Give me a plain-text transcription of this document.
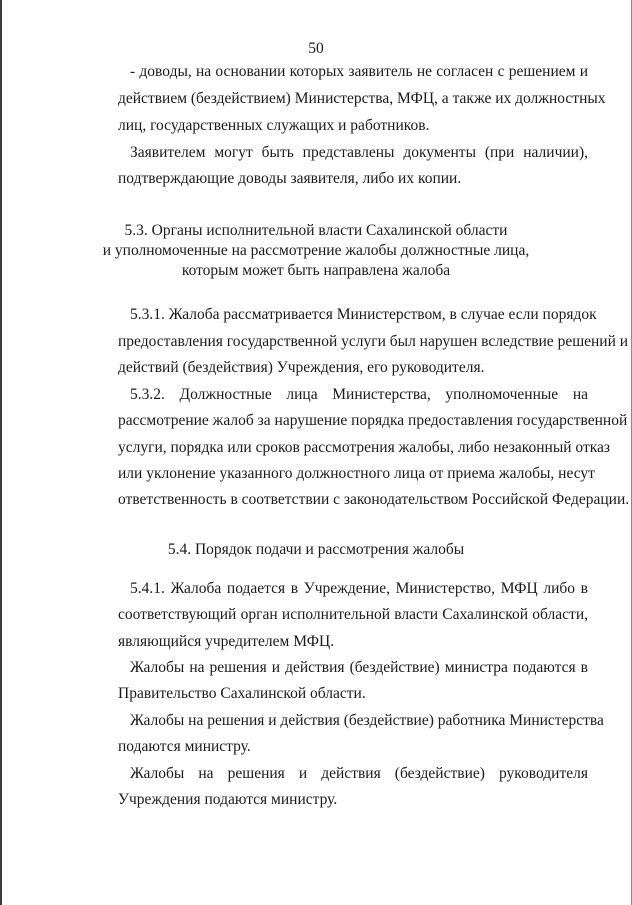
50
- доводы, на основании которых заявитель не согласен с решением и
действием (бездействием) Министерства, МФЦ, а также их должностных
лиц, государственных служащих и работников.
Заявителем могут быть представлены документы (при наличии),
подтверждающие доводы заявителя, либо их копии.
5.3. Органы исполнительной власти Сахалинской области
и уполномоченные на рассмотрение жалобы должностные лица,
которым может быть направлена жалоба
5.3.1. Жалоба рассматривается Министерством, в случае если порядок
предоставления государственной услуги был нарушен вследствие решений и
действий (бездействия) Учреждения, его руководителя.
5.3.2. Должностные лица Министерства, уполномоченные на
рассмотрение жалоб за нарушение порядка предоставления государственной
услуги, порядка или сроков рассмотрения жалобы, либо незаконный отказ
или уклонение указанного должностного лица от приема жалобы, несут
ответственность в соответствии с законодательством Российской Федерации.
5.4. Порядок подачи и рассмотрения жалобы
5.4.1. Жалоба подается в Учреждение, Министерство, МФЦ либо в
соответствующий орган исполнительной власти Сахалинской области,
являющийся учредителем МФЦ.
Жалобы на решения и действия (бездействие) министра подаются в
Правительство Сахалинской области.
Жалобы на решения и действия (бездействие) работника Министерства
подаются министру.
Жалобы на решения и действия (бездействие) руководителя
Учреждения подаются министру.
